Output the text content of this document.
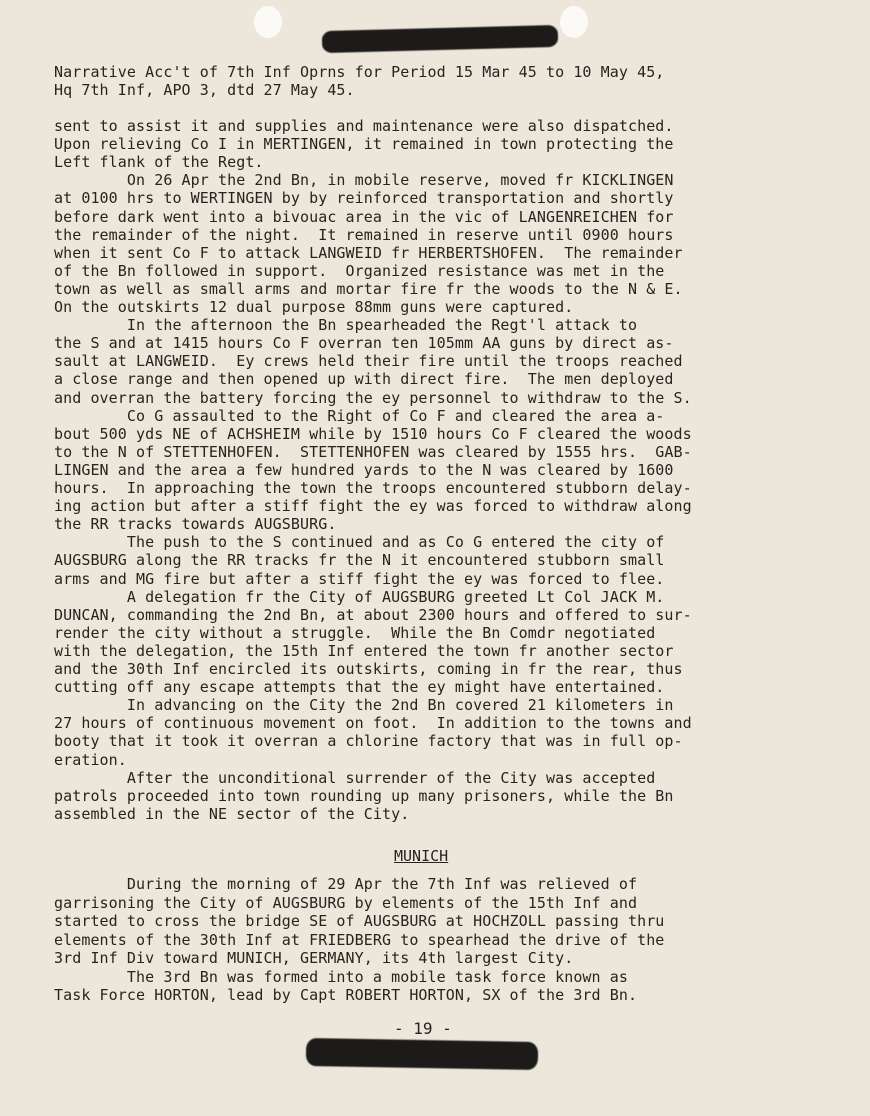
Narrative Acc't of 7th Inf Oprns for Period 15 Mar 45 to 10 May 45,
Hq 7th Inf, APO 3, dtd 27 May 45.
sent to assist it and supplies and maintenance were also dispatched.
Upon relieving Co I in MERTINGEN, it remained in town protecting the
Left flank of the Regt.
On 26 Apr the 2nd Bn, in mobile reserve, moved fr KICKLINGEN
at 0100 hrs to WERTINGEN by by reinforced transportation and shortly
before dark went into a bivouac area in the vic of LANGENREICHEN for
the remainder of the night.  It remained in reserve until 0900 hours
when it sent Co F to attack LANGWEID fr HERBERTSHOFEN.  The remainder
of the Bn followed in support.  Organized resistance was met in the
town as well as small arms and mortar fire fr the woods to the N & E.
On the outskirts 12 dual purpose 88mm guns were captured.
In the afternoon the Bn spearheaded the Regt'l attack to
the S and at 1415 hours Co F overran ten 105mm AA guns by direct as-
sault at LANGWEID.  Ey crews held their fire until the troops reached
a close range and then opened up with direct fire.  The men deployed
and overran the battery forcing the ey personnel to withdraw to the S.
Co G assaulted to the Right of Co F and cleared the area a-
bout 500 yds NE of ACHSHEIM while by 1510 hours Co F cleared the woods
to the N of STETTENHOFEN.  STETTENHOFEN was cleared by 1555 hrs.  GAB-
LINGEN and the area a few hundred yards to the N was cleared by 1600
hours.  In approaching the town the troops encountered stubborn delay-
ing action but after a stiff fight the ey was forced to withdraw along
the RR tracks towards AUGSBURG.
The push to the S continued and as Co G entered the city of
AUGSBURG along the RR tracks fr the N it encountered stubborn small
arms and MG fire but after a stiff fight the ey was forced to flee.
A delegation fr the City of AUGSBURG greeted Lt Col JACK M.
DUNCAN, commanding the 2nd Bn, at about 2300 hours and offered to sur-
render the city without a struggle.  While the Bn Comdr negotiated
with the delegation, the 15th Inf entered the town fr another sector
and the 30th Inf encircled its outskirts, coming in fr the rear, thus
cutting off any escape attempts that the ey might have entertained.
In advancing on the City the 2nd Bn covered 21 kilometers in
27 hours of continuous movement on foot.  In addition to the towns and
booty that it took it overran a chlorine factory that was in full op-
eration.
After the unconditional surrender of the City was accepted
patrols proceeded into town rounding up many prisoners, while the Bn
assembled in the NE sector of the City.
MUNICH
During the morning of 29 Apr the 7th Inf was relieved of
garrisoning the City of AUGSBURG by elements of the 15th Inf and
started to cross the bridge SE of AUGSBURG at HOCHZOLL passing thru
elements of the 30th Inf at FRIEDBERG to spearhead the drive of the
3rd Inf Div toward MUNICH, GERMANY, its 4th largest City.
The 3rd Bn was formed into a mobile task force known as
Task Force HORTON, lead by Capt ROBERT HORTON, SX of the 3rd Bn.
- 19 -
